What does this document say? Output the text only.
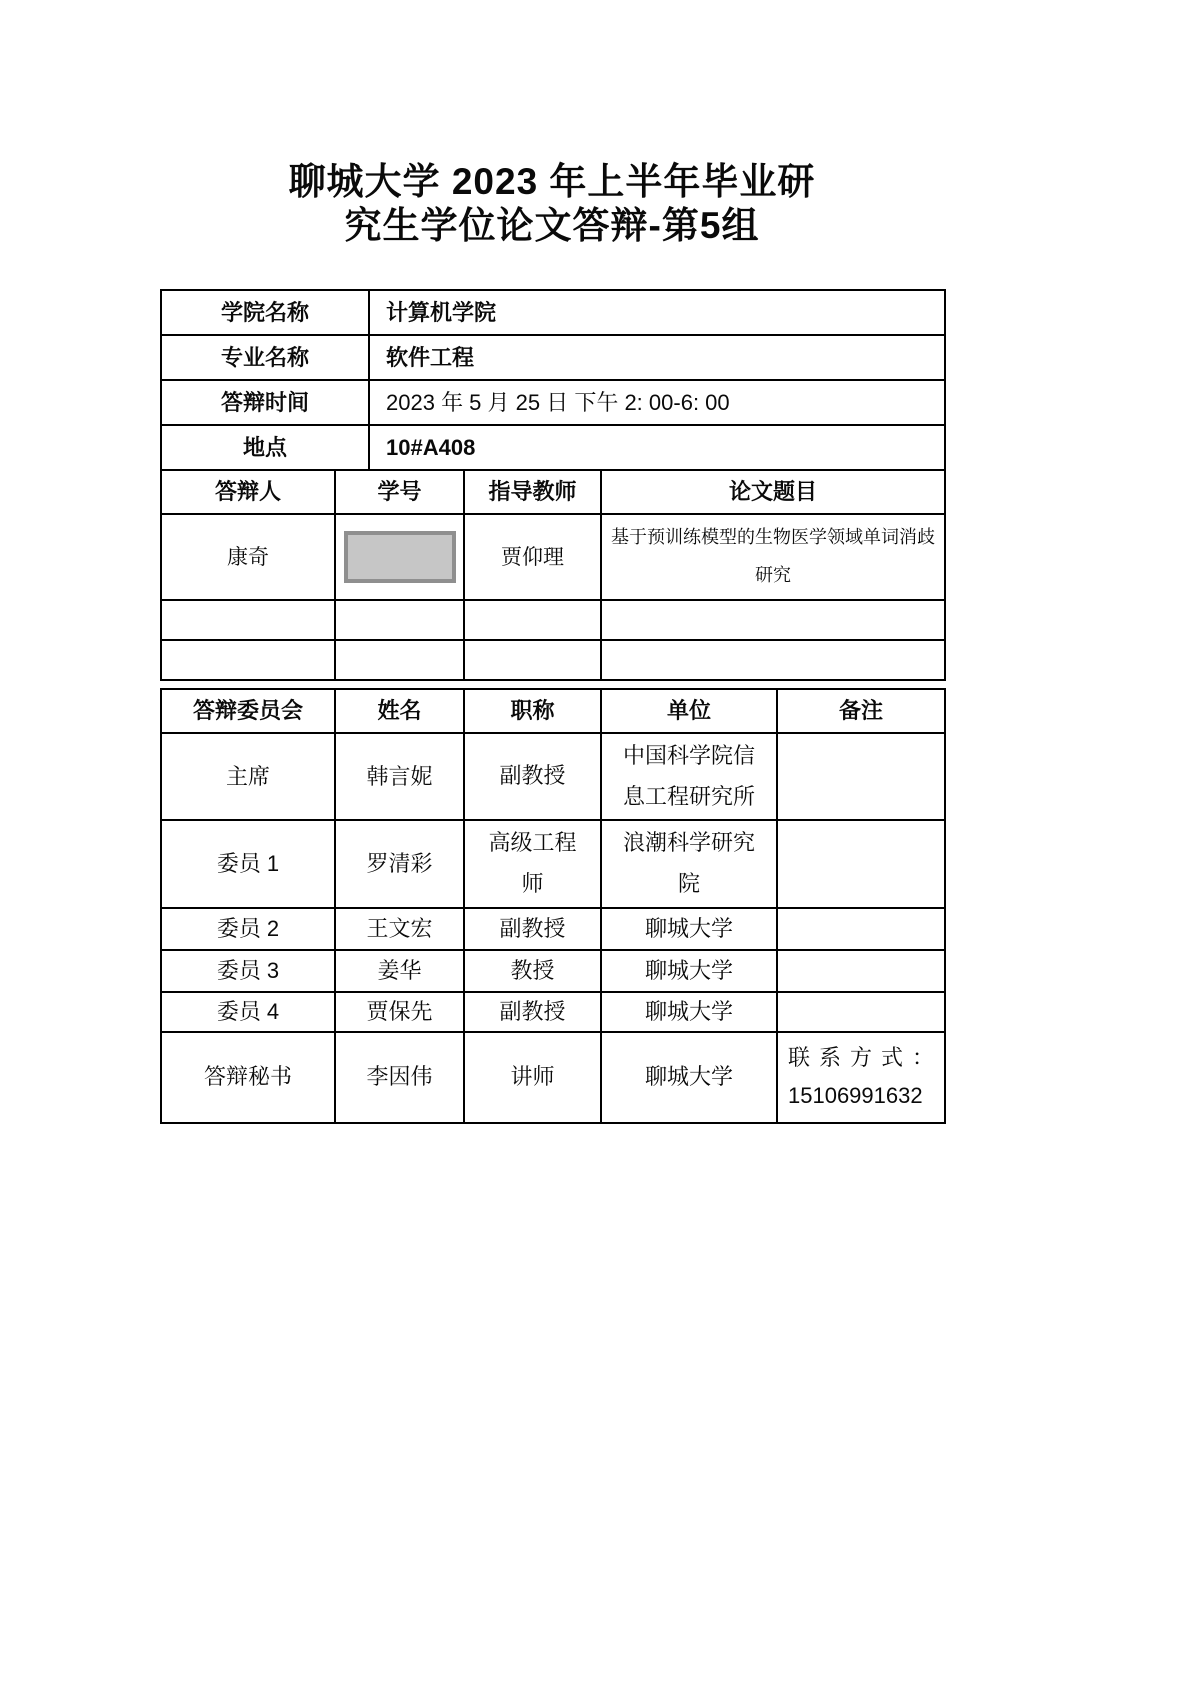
聊城大学 2023 年上半年毕业研
究生学位论文答辩-第5组
学院名称		计算机学院		
专业名称		软件工程		
答辩时间		2023 年 5 月 25 日 下午 2: 00-6: 00		
地点		10#A408		
答辩人	学号		指导教师	论文题目
康奇			贾仰理	基于预训练模型的生物医学领域单词消歧研究

答辩委员会	姓名	职称	单位	备注
主席	韩言妮	副教授	中国科学院信息工程研究所	
委员 1	罗清彩	高级工程师	浪潮科学研究院	
委员 2	王文宏	副教授	聊城大学	
委员 3	姜华	教授	聊城大学	
委员 4	贾保先	副教授	聊城大学	
答辩秘书	李因伟	讲师	聊城大学	联系方式：
15106991632
